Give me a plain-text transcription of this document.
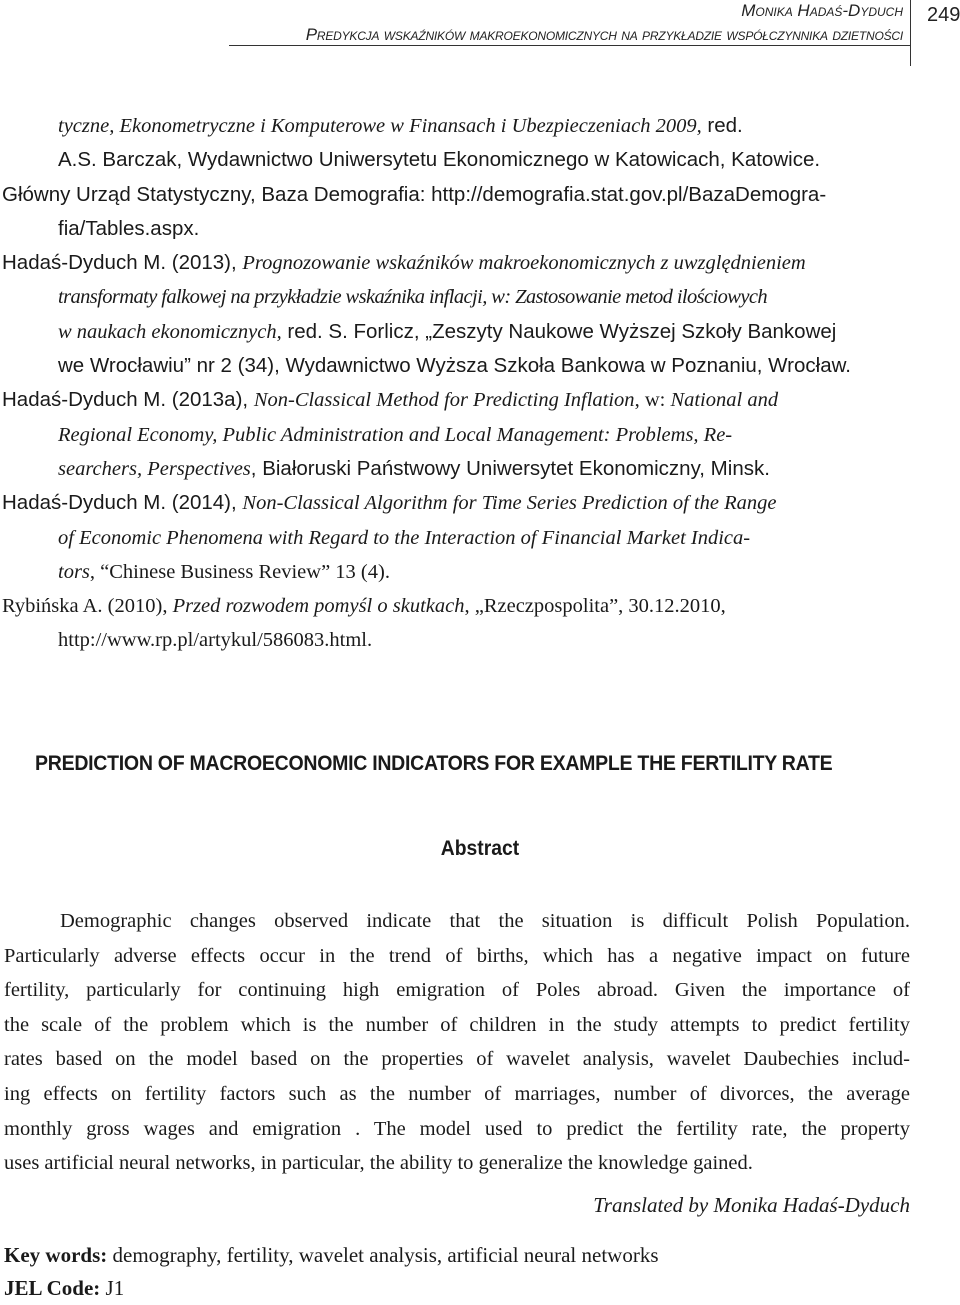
Monika Hadaś-Dyduch
Predykcja wskaźników makroekonomicznych na przykładzie współczynnika dzietności
249

tyczne, Ekonometryczne i Komputerowe w Finansach i Ubezpieczeniach 2009, red.

A.S. Barczak, Wydawnictwo Uniwersytetu Ekonomicznego w Katowicach, Katowice.

Główny Urząd Statystyczny, Baza Demografia: http://demografia.stat.gov.pl/BazaDemogra-

fia/Tables.aspx.

Hadaś-Dyduch M. (2013), Prognozowanie wskaźników makroekonomicznych z uwzględnieniem

transformaty falkowej na przykładzie wskaźnika inflacji, w: Zastosowanie metod ilościowych

w naukach ekonomicznych, red. S. Forlicz, „Zeszyty Naukowe Wyższej Szkoły Bankowej

we Wrocławiu” nr 2 (34), Wydawnictwo Wyższa Szkoła Bankowa w Poznaniu, Wrocław.

Hadaś-Dyduch M. (2013a), Non-Classical Method for Predicting Inflation, w: National and

Regional Economy, Public Administration and Local Management: Problems, Re-

searchers, Perspectives, Białoruski Państwowy Uniwersytet Ekonomiczny, Minsk.

Hadaś-Dyduch M. (2014), Non-Classical Algorithm for Time Series Prediction of the Range

of Economic Phenomena with Regard to the Interaction of Financial Market Indica-

tors, “Chinese Business Review” 13 (4).

Rybińska A. (2010), Przed rozwodem pomyśl o skutkach, „Rzeczpospolita”, 30.12.2010,

http://www.rp.pl/artykul/586083.html.

PREDICTION OF MACROECONOMIC INDICATORS FOR EXAMPLE THE FERTILITY RATE
Abstract
Demographic changes observed indicate that the situation is difficult Polish Population.
Particularly adverse effects occur in the trend of births, which has a negative impact on future
fertility, particularly for continuing high emigration of Poles abroad. Given the importance of
the scale of the problem which is the number of children in the study attempts to predict fertility
rates based on the model based on the properties of wavelet analysis, wavelet Daubechies includ-
ing effects on fertility factors such as the number of marriages, number of divorces, the average
monthly gross wages and emigration . The model used to predict the fertility rate, the property
uses artificial neural networks, in particular, the ability to generalize the knowledge gained.
Translated by Monika Hadaś-Dyduch
Key words: demography, fertility, wavelet analysis, artificial neural networks
JEL Code: J1
